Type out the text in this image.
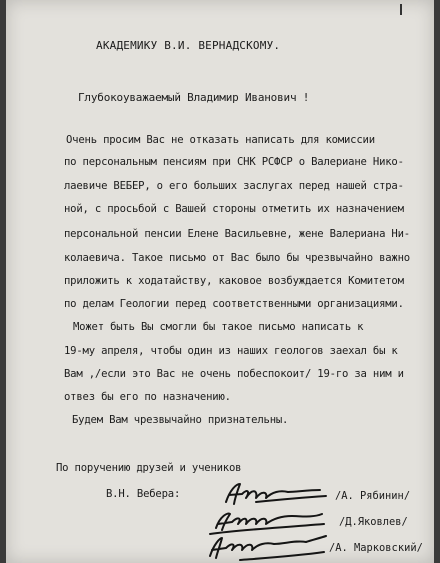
АКАДЕМИКУ В.И. ВЕРНАДСКОМУ.
Глубокоуважаемый Владимир Иванович !
Очень просим Вас не отказать написать для комиссии
по персональным пенсиям при СНК РСФСР о Валериане Нико-
лаевиче ВЕБЕР, о его больших заслугах перед нашей стра-
ной, с просьбой с Вашей стороны отметить их назначением
персональной пенсии Елене Васильевне, жене Валериана Ни-
колаевича. Такое письмо от Вас было бы чрезвычайно важно
приложить к ходатайству, каковое возбуждается Комитетом
по делам Геологии перед соответственными организациями.
Может быть Вы смогли бы такое письмо написать к
19-му апреля, чтобы один из наших геологов заехал бы к
Вам ,/если это Вас не очень побеспокоит/ 19-го за ним и
отвез бы его по назначению.
Будем Вам чрезвычайно признательны.
По поручению друзей и учеников
В.Н. Вебера:	/А. Рябинин/
/Д.Яковлев/
/А. Марковский/
